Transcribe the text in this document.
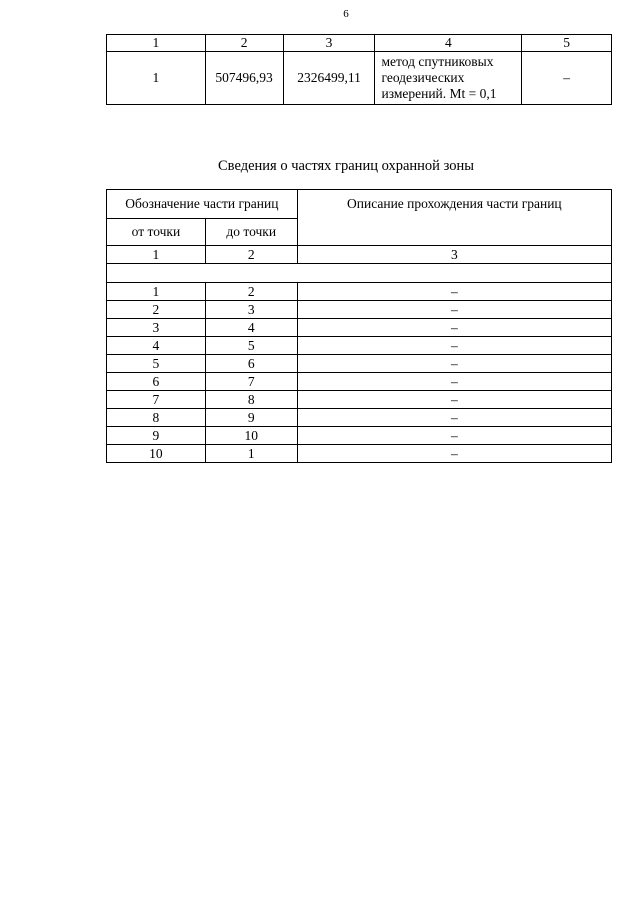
6
1	2	3	4	5
1	507496,93	2326499,11	метод спутниковых
геодезических
измерений. Mt = 0,1	–
Сведения о частях границ охранной зоны
Обозначение части границ		Описание прохождения части границ
от точки	до точки	
1	2	3

1	2	–
2	3	–
3	4	–
4	5	–
5	6	–
6	7	–
7	8	–
8	9	–
9	10	–
10	1	–
